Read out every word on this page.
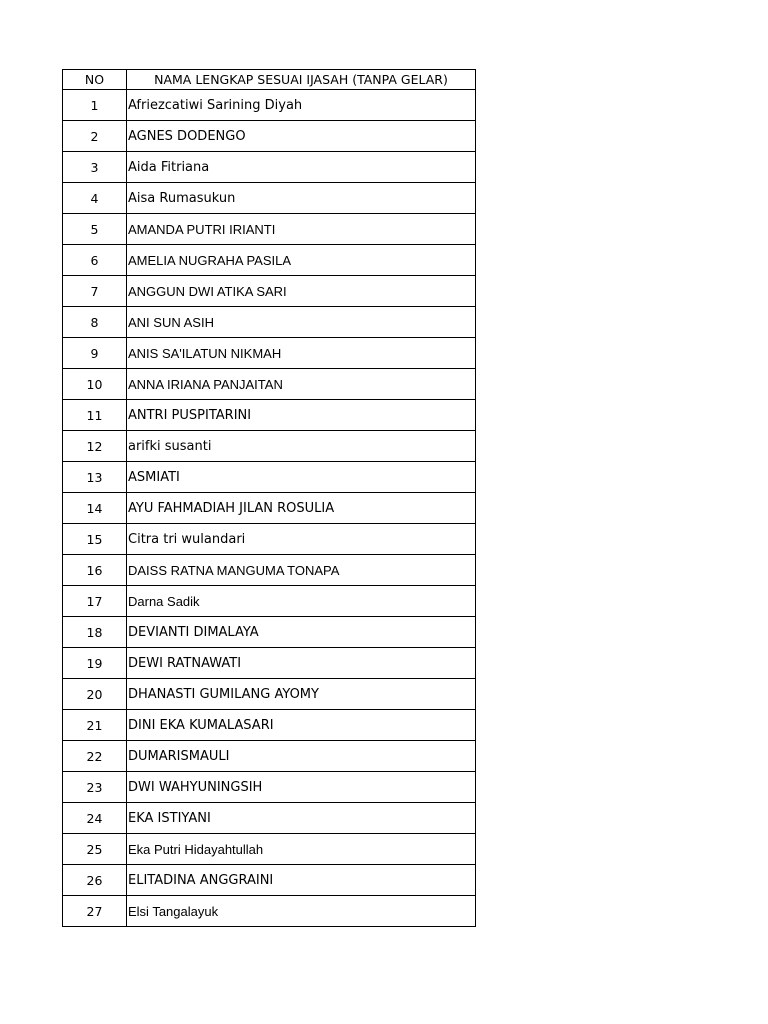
NO	NAMA LENGKAP SESUAI IJASAH (TANPA GELAR)
1	Afriezcatiwi Sarining Diyah
2	AGNES DODENGO
3	Aida Fitriana
4	Aisa Rumasukun
5	AMANDA PUTRI IRIANTI
6	AMELIA NUGRAHA PASILA
7	ANGGUN DWI ATIKA SARI
8	ANI SUN ASIH
9	ANIS SA'ILATUN NIKMAH
10	ANNA IRIANA PANJAITAN
11	ANTRI PUSPITARINI
12	arifki susanti
13	ASMIATI
14	AYU FAHMADIAH JILAN ROSULIA
15	Citra tri wulandari
16	DAISS RATNA MANGUMA TONAPA
17	Darna Sadik
18	DEVIANTI DIMALAYA
19	DEWI RATNAWATI
20	DHANASTI GUMILANG AYOMY
21	DINI EKA KUMALASARI
22	DUMARISMAULI
23	DWI WAHYUNINGSIH
24	EKA ISTIYANI
25	Eka Putri Hidayahtullah
26	ELITADINA ANGGRAINI
27	Elsi Tangalayuk
